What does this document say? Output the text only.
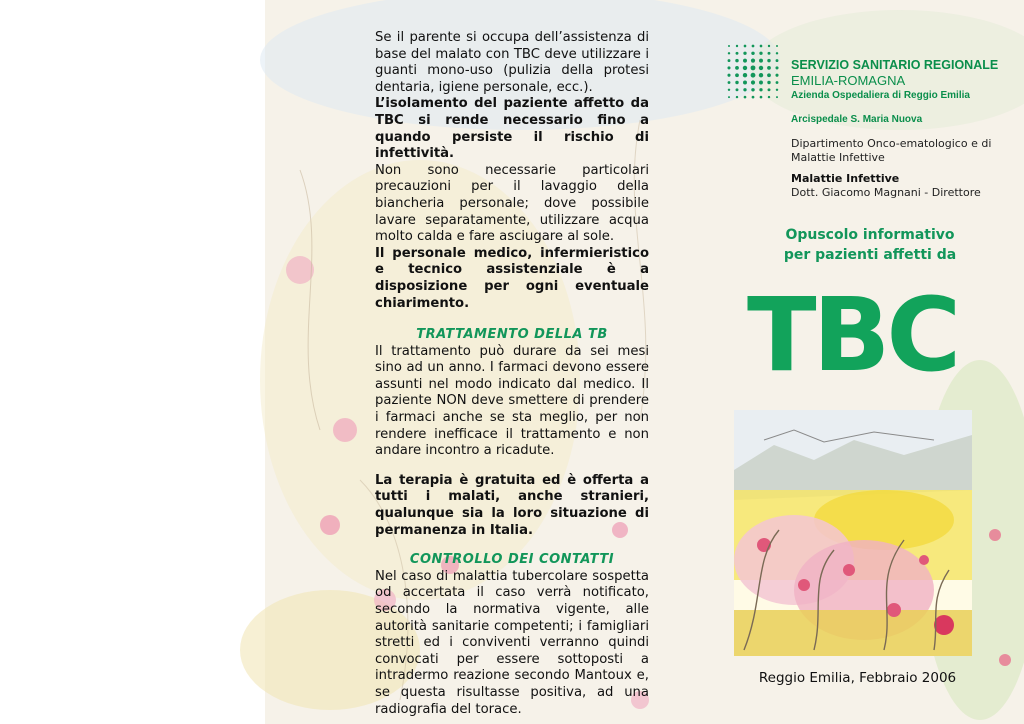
Se il parente si occupa dell’assistenza di base del malato con TBC deve utilizzare i guanti mono-uso (pulizia della protesi dentaria, igiene personale, ecc.).

L’isolamento del paziente affetto da TBC si rende necessario fino a quando persiste il rischio di infettività.

Non sono necessarie particolari precauzioni per il lavaggio della biancheria personale; dove possibile lavare separatamente, utilizzare acqua molto calda e fare asciugare al sole.

Il personale medico, infermieristico e tecnico assistenziale è a disposizione per ogni eventuale chiarimento.

TRATTAMENTO DELLA TB

Il trattamento può durare da sei mesi sino ad un anno. I farmaci devono essere assunti nel modo indicato dal medico. Il paziente NON deve smettere di prendere i farmaci anche se sta meglio, per non rendere inefficace il trattamento e non andare incontro a ricadute.

La terapia è gratuita ed è offerta a tutti i malati, anche stranieri, qualunque sia la loro situazione di permanenza in Italia.

CONTROLLO DEI CONTATTI

Nel caso di malattia tubercolare sospetta od accertata il caso verrà notificato, secondo la normativa vigente, alle autorità sanitarie competenti; i famigliari stretti ed i conviventi verranno quindi convocati per essere sottoposti a intradermo reazione secondo Mantoux e, se questa risultasse positiva, ad una radiografia del torace.

SERVIZIO SANITARIO REGIONALE
EMILIA-ROMAGNA
Azienda Ospedaliera di Reggio Emilia
Arcispedale S. Maria Nuova
Dipartimento Onco-ematologico e di Malattie Infettive
Malattie Infettive
Dott. Giacomo Magnani - Direttore
Opuscolo informativo
per pazienti affetti da
TBC
Reggio Emilia, Febbraio 2006
